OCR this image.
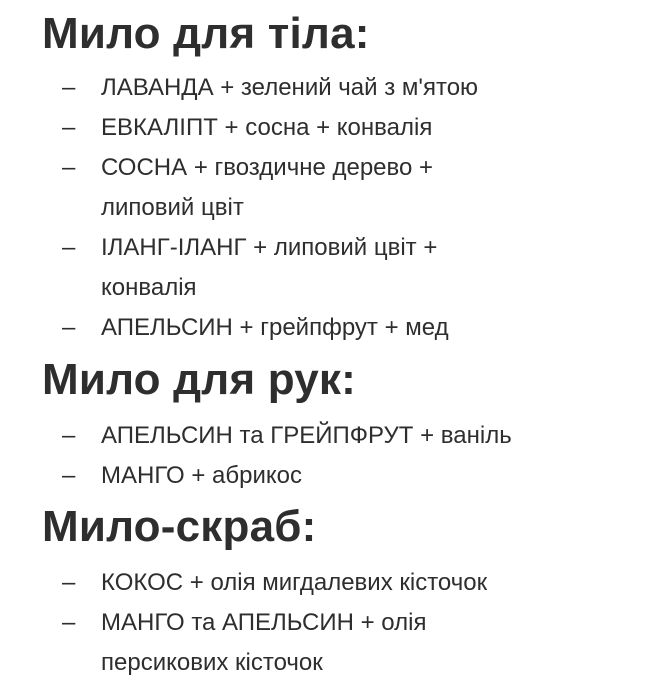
Мило для тіла:
– ЛАВАНДА + зелений чай з м'ятою
– ЕВКАЛІПТ + сосна + конвалія
– СОСНА + гвоздичне дерево + липовий цвіт
– ІЛАНГ-ІЛАНГ + липовий цвіт + конвалія
– АПЕЛЬСИН + грейпфрут + мед
Мило для рук:
– АПЕЛЬСИН та ГРЕЙПФРУТ + ваніль
– МАНГО + абрикос
Мило-скраб:
– КОКОС + олія мигдалевих кісточок
– МАНГО та АПЕЛЬСИН + олія персикових кісточок
